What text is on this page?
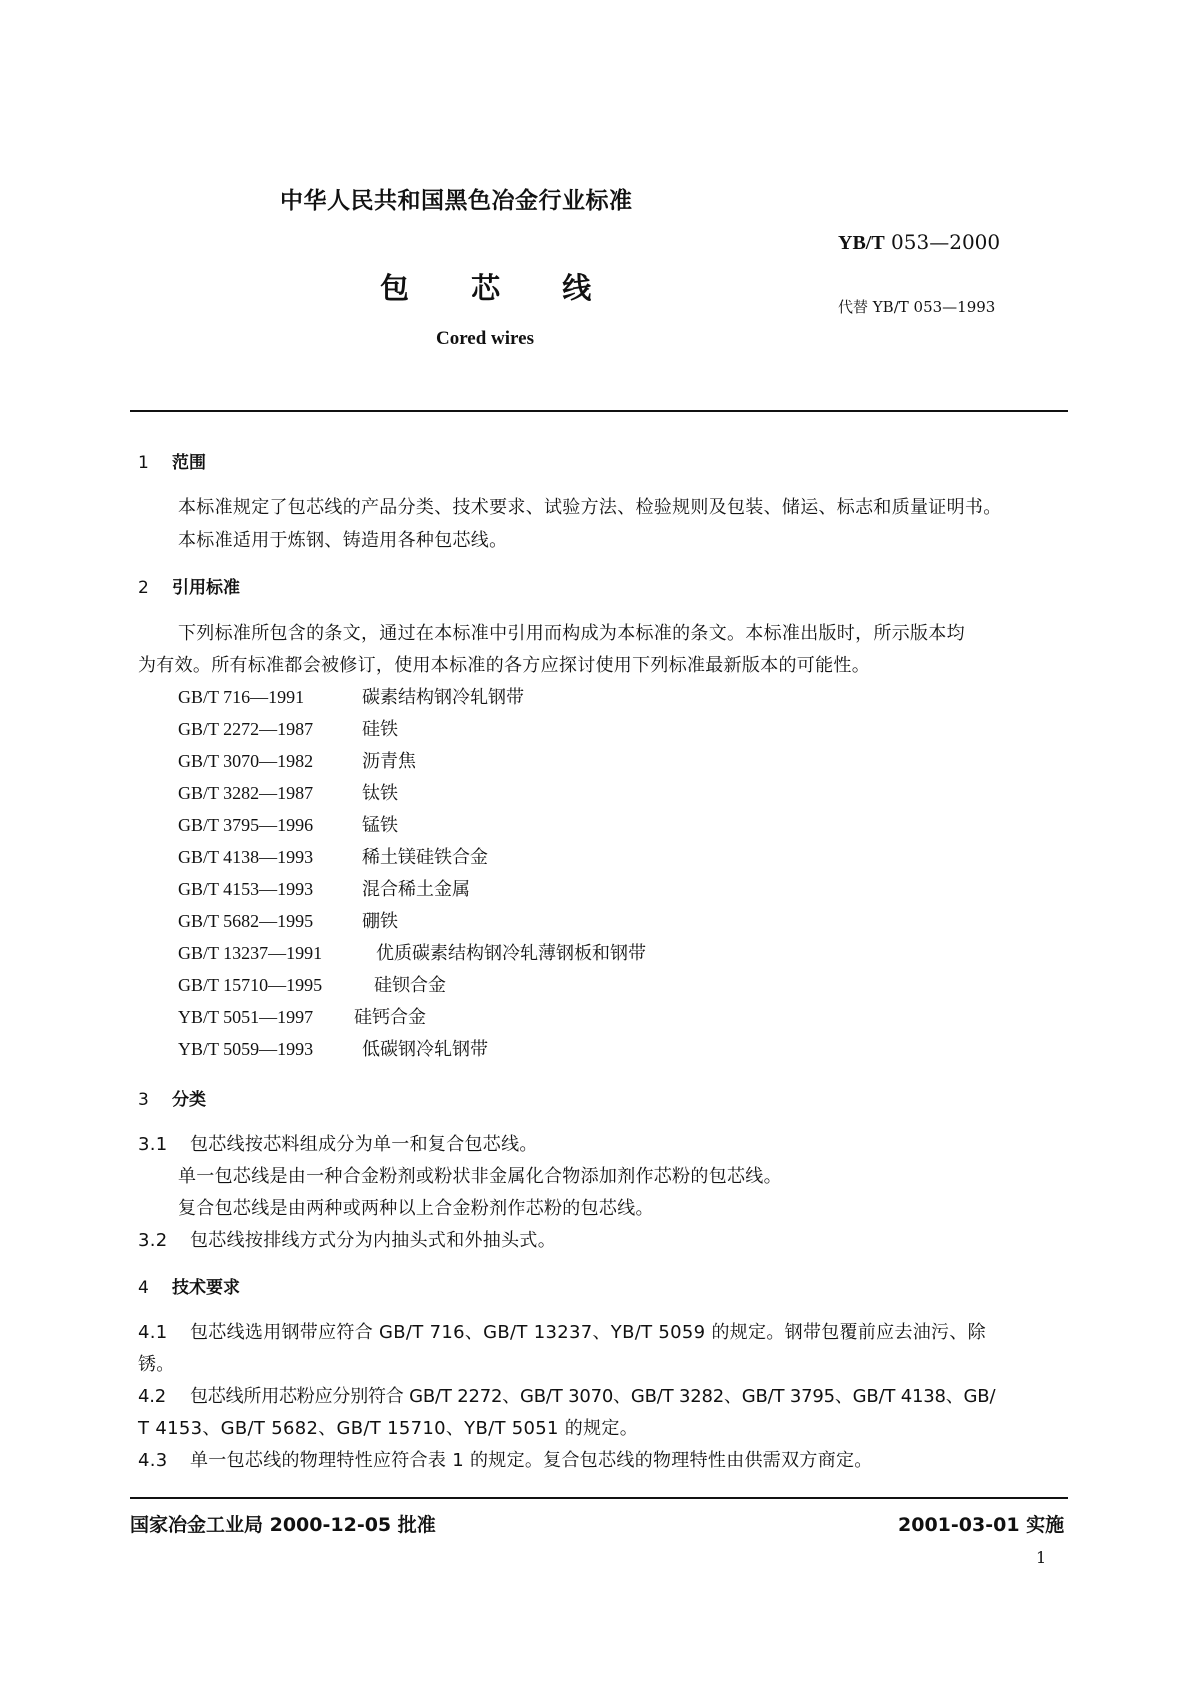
中华人民共和国黑色冶金行业标准
YB/T 053—2000
包 芯 线
代替 YB/T 053—1993
Cored wires
1 范围
本标准规定了包芯线的产品分类、技术要求、试验方法、检验规则及包装、储运、标志和质量证明书。
本标准适用于炼钢、铸造用各种包芯线。
2 引用标准
下列标准所包含的条文，通过在本标准中引用而构成为本标准的条文。本标准出版时，所示版本均
为有效。所有标准都会被修订，使用本标准的各方应探讨使用下列标准最新版本的可能性。
GB/T 716—1991	碳素结构钢冷轧钢带
GB/T 2272—1987	硅铁
GB/T 3070—1982	沥青焦
GB/T 3282—1987	钛铁
GB/T 3795—1996	锰铁
GB/T 4138—1993	稀土镁硅铁合金
GB/T 4153—1993	混合稀土金属
GB/T 5682—1995	硼铁
GB/T 13237—1991	优质碳素结构钢冷轧薄钢板和钢带
GB/T 15710—1995	硅钡合金
YB/T 5051—1997 硅钙合金
YB/T 5059—1993	低碳钢冷轧钢带
3 分类
3.1 包芯线按芯料组成分为单一和复合包芯线。
单一包芯线是由一种合金粉剂或粉状非金属化合物添加剂作芯粉的包芯线。
复合包芯线是由两种或两种以上合金粉剂作芯粉的包芯线。
3.2 包芯线按排线方式分为内抽头式和外抽头式。
4 技术要求
4.1 包芯线选用钢带应符合 GB/T 716、GB/T 13237、YB/T 5059 的规定。钢带包覆前应去油污、除
锈。
4.2 包芯线所用芯粉应分别符合 GB/T 2272、GB/T 3070、GB/T 3282、GB/T 3795、GB/T 4138、GB/
T 4153、GB/T 5682、GB/T 15710、YB/T 5051 的规定。
4.3 单一包芯线的物理特性应符合表 1 的规定。复合包芯线的物理特性由供需双方商定。
国家冶金工业局 2000-12-05 批准	2001-03-01 实施
1
